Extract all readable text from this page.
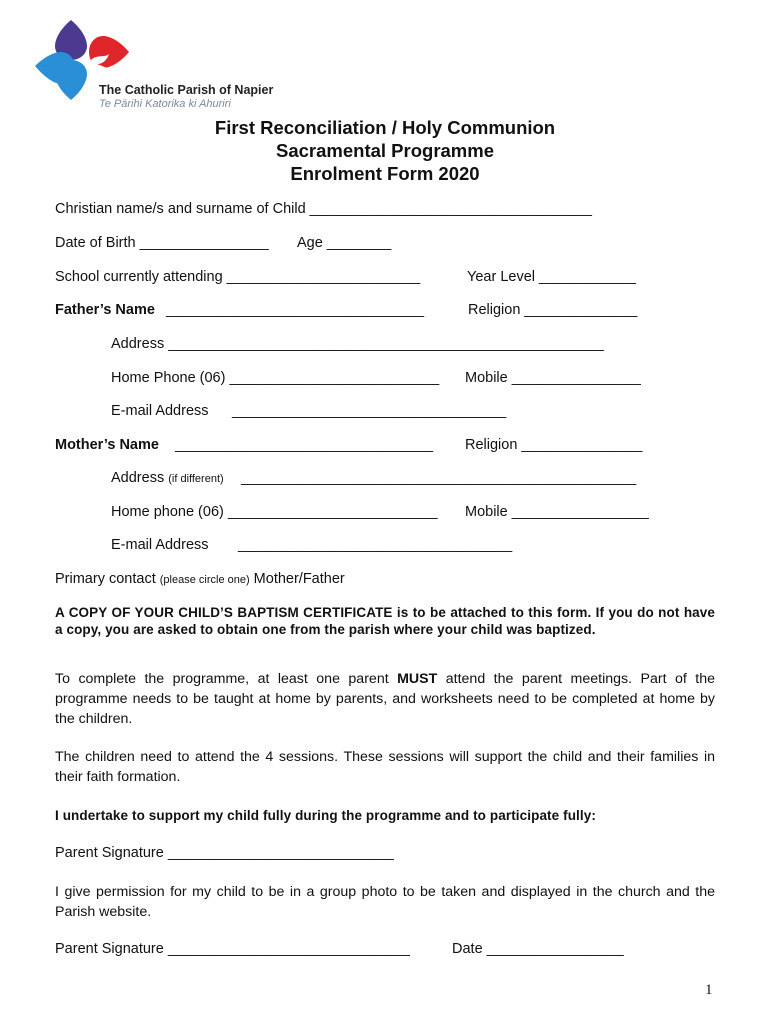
The Catholic Parish of Napier
Te Pārihi Katorika ki Ahuriri
First Reconciliation / Holy Communion
Sacramental Programme
Enrolment Form 2020
Christian name/s and surname of Child ___________________________________
Date of Birth ________________ Age ________
School currently attending ________________________	Year Level ____________
Father’s Name ________________________________	Religion ______________
Address ______________________________________________________
Home Phone (06) __________________________ Mobile ________________
E-mail Address __________________________________
Mother’s Name ________________________________ Religion _______________
Address (if different) _________________________________________________
Home phone (06) __________________________ Mobile _________________
E-mail Address __________________________________
Primary contact (please circle one) Mother/Father
A COPY OF YOUR CHILD’S BAPTISM CERTIFICATE is to be attached to this form. If you do not have a copy, you are asked to obtain one from the parish where your child was baptized.
To complete the programme, at least one parent MUST attend the parent meetings. Part of the programme needs to be taught at home by parents, and worksheets need to be completed at home by the children.
The children need to attend the 4 sessions. These sessions will support the child and their families in their faith formation.
I undertake to support my child fully during the programme and to participate fully:
Parent Signature ____________________________
I give permission for my child to be in a group photo to be taken and displayed in the church and the Parish website.
Parent Signature ______________________________	Date _________________
1
